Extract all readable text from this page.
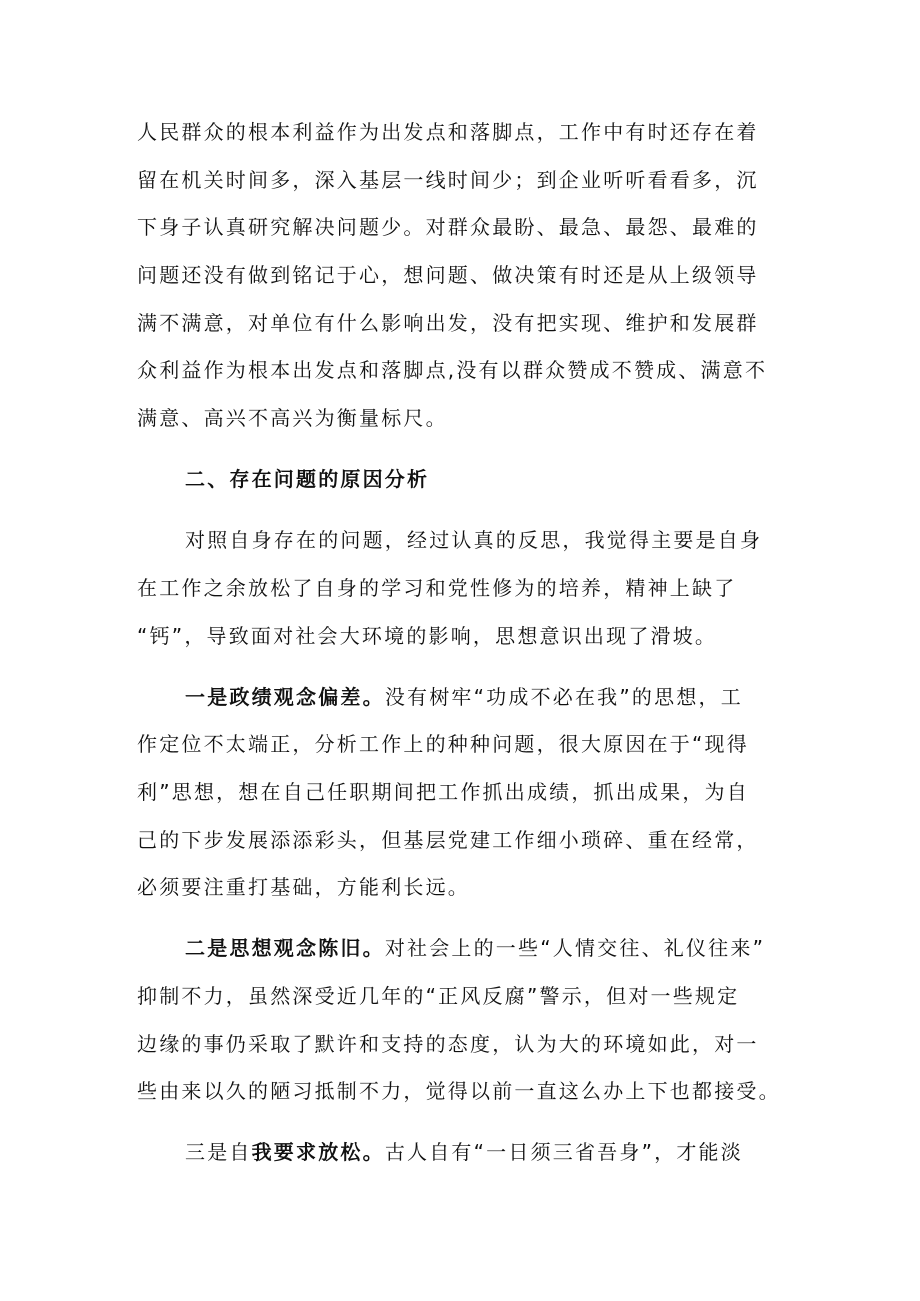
人民群众的根本利益作为出发点和落脚点，工作中有时还存在着
留在机关时间多，深入基层一线时间少；到企业听听看看多，沉
下身子认真研究解决问题少。对群众最盼、最急、最怨、最难的
问题还没有做到铭记于心，想问题、做决策有时还是从上级领导
满不满意，对单位有什么影响出发，没有把实现、维护和发展群
众利益作为根本出发点和落脚点,没有以群众赞成不赞成、满意不
满意、高兴不高兴为衡量标尺。
二、存在问题的原因分析
对照自身存在的问题，经过认真的反思，我觉得主要是自身
在工作之余放松了自身的学习和党性修为的培养，精神上缺了
“钙”，导致面对社会大环境的影响，思想意识出现了滑坡。
一是政绩观念偏差。没有树牢“功成不必在我”的思想，工
作定位不太端正，分析工作上的种种问题，很大原因在于“现得
利”思想，想在自己任职期间把工作抓出成绩，抓出成果，为自
己的下步发展添添彩头，但基层党建工作细小琐碎、重在经常，
必须要注重打基础，方能利长远。
二是思想观念陈旧。对社会上的一些“人情交往、礼仪往来”
抑制不力，虽然深受近几年的“正风反腐”警示，但对一些规定
边缘的事仍采取了默许和支持的态度，认为大的环境如此，对一
些由来以久的陋习抵制不力，觉得以前一直这么办上下也都接受。
三是自我要求放松。古人自有“一日须三省吾身”，才能淡
